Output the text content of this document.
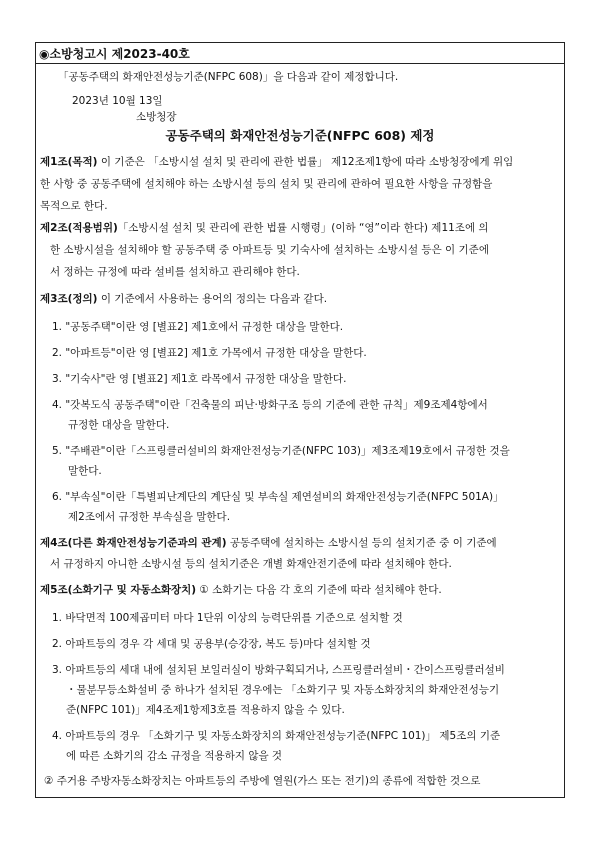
◉소방청고시 제2023-40호
「공동주택의 화재안전성능기준(NFPC 608)」을 다음과 같이 제정합니다.
2023년 10월 13일
소방청장
공동주택의 화재안전성능기준(NFPC 608) 제정
제1조(목적) 이 기준은 「소방시설 설치 및 관리에 관한 법률」 제12조제1항에 따라 소방청장에게 위임
한 사항 중 공동주택에 설치해야 하는 소방시설 등의 설치 및 관리에 관하여 필요한 사항을 규정함을
목적으로 한다.
제2조(적용범위)「소방시설 설치 및 관리에 관한 법률 시행령」(이하 “영”이라 한다) 제11조에 의
한 소방시설을 설치해야 할 공동주택 중 아파트등 및 기숙사에 설치하는 소방시설 등은 이 기준에
서 정하는 규정에 따라 설비를 설치하고 관리해야 한다.
제3조(정의) 이 기준에서 사용하는 용어의 정의는 다음과 같다.
1. "공동주택"이란 영 [별표2] 제1호에서 규정한 대상을 말한다.
2. "아파트등"이란 영 [별표2] 제1호 가목에서 규정한 대상을 말한다.
3. "기숙사"란 영 [별표2] 제1호 라목에서 규정한 대상을 말한다.
4. "갓복도식 공동주택"이란「건축물의 피난·방화구조 등의 기준에 관한 규칙」제9조제4항에서
규정한 대상을 말한다.
5. "주배관"이란「스프링클러설비의 화재안전성능기준(NFPC 103)」제3조제19호에서 규정한 것을
말한다.
6. "부속실"이란「특별피난계단의 계단실 및 부속실 제연설비의 화재안전성능기준(NFPC 501A)」
제2조에서 규정한 부속실을 말한다.
제4조(다른 화재안전성능기준과의 관계) 공동주택에 설치하는 소방시설 등의 설치기준 중 이 기준에
서 규정하지 아니한 소방시설 등의 설치기준은 개별 화재안전기준에 따라 설치해야 한다.
제5조(소화기구 및 자동소화장치) ① 소화기는 다음 각 호의 기준에 따라 설치해야 한다.
1. 바닥면적 100제곱미터 마다 1단위 이상의 능력단위를 기준으로 설치할 것
2. 아파트등의 경우 각 세대 및 공용부(승강장, 복도 등)마다 설치할 것
3. 아파트등의 세대 내에 설치된 보일러실이 방화구획되거나, 스프링클러설비・간이스프링클러설비
・물분무등소화설비 중 하나가 설치된 경우에는 「소화기구 및 자동소화장치의 화재안전성능기
준(NFPC 101)」제4조제1항제3호를 적용하지 않을 수 있다.
4. 아파트등의 경우 「소화기구 및 자동소화장치의 화재안전성능기준(NFPC 101)」 제5조의 기준
에 따른 소화기의 감소 규정을 적용하지 않을 것
② 주거용 주방자동소화장치는 아파트등의 주방에 열원(가스 또는 전기)의 종류에 적합한 것으로
